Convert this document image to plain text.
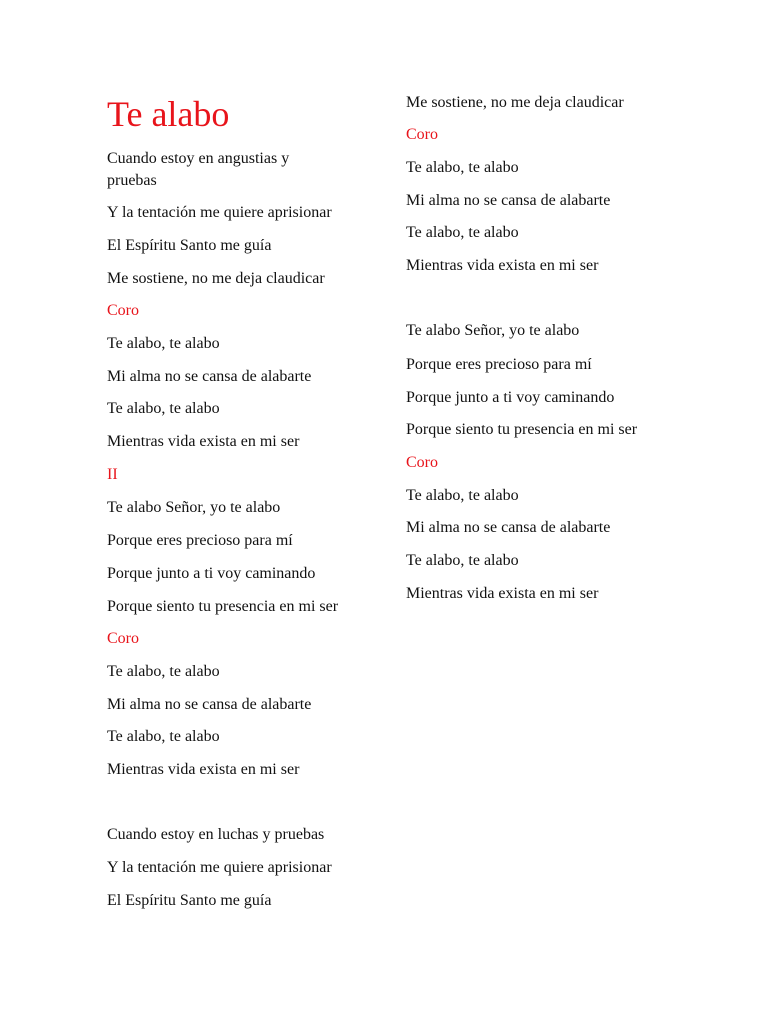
Te alabo
Cuando estoy en angustias y pruebas
Y la tentación me quiere aprisionar
El Espíritu Santo me guía
Me sostiene, no me deja claudicar
Coro
Te alabo, te alabo
Mi alma no se cansa de alabarte
Te alabo, te alabo
Mientras vida exista en mi ser
II
Te alabo Señor, yo te alabo
Porque eres precioso para mí
Porque junto a ti voy caminando
Porque siento tu presencia en mi ser
Coro
Te alabo, te alabo
Mi alma no se cansa de alabarte
Te alabo, te alabo
Mientras vida exista en mi ser
Cuando estoy en luchas y pruebas
Y la tentación me quiere aprisionar
El Espíritu Santo me guía
Me sostiene, no me deja claudicar
Coro
Te alabo, te alabo
Mi alma no se cansa de alabarte
Te alabo, te alabo
Mientras vida exista en mi ser
Te alabo Señor, yo te alabo
Porque eres precioso para mí
Porque junto a ti voy caminando
Porque siento tu presencia en mi ser
Coro
Te alabo, te alabo
Mi alma no se cansa de alabarte
Te alabo, te alabo
Mientras vida exista en mi ser
